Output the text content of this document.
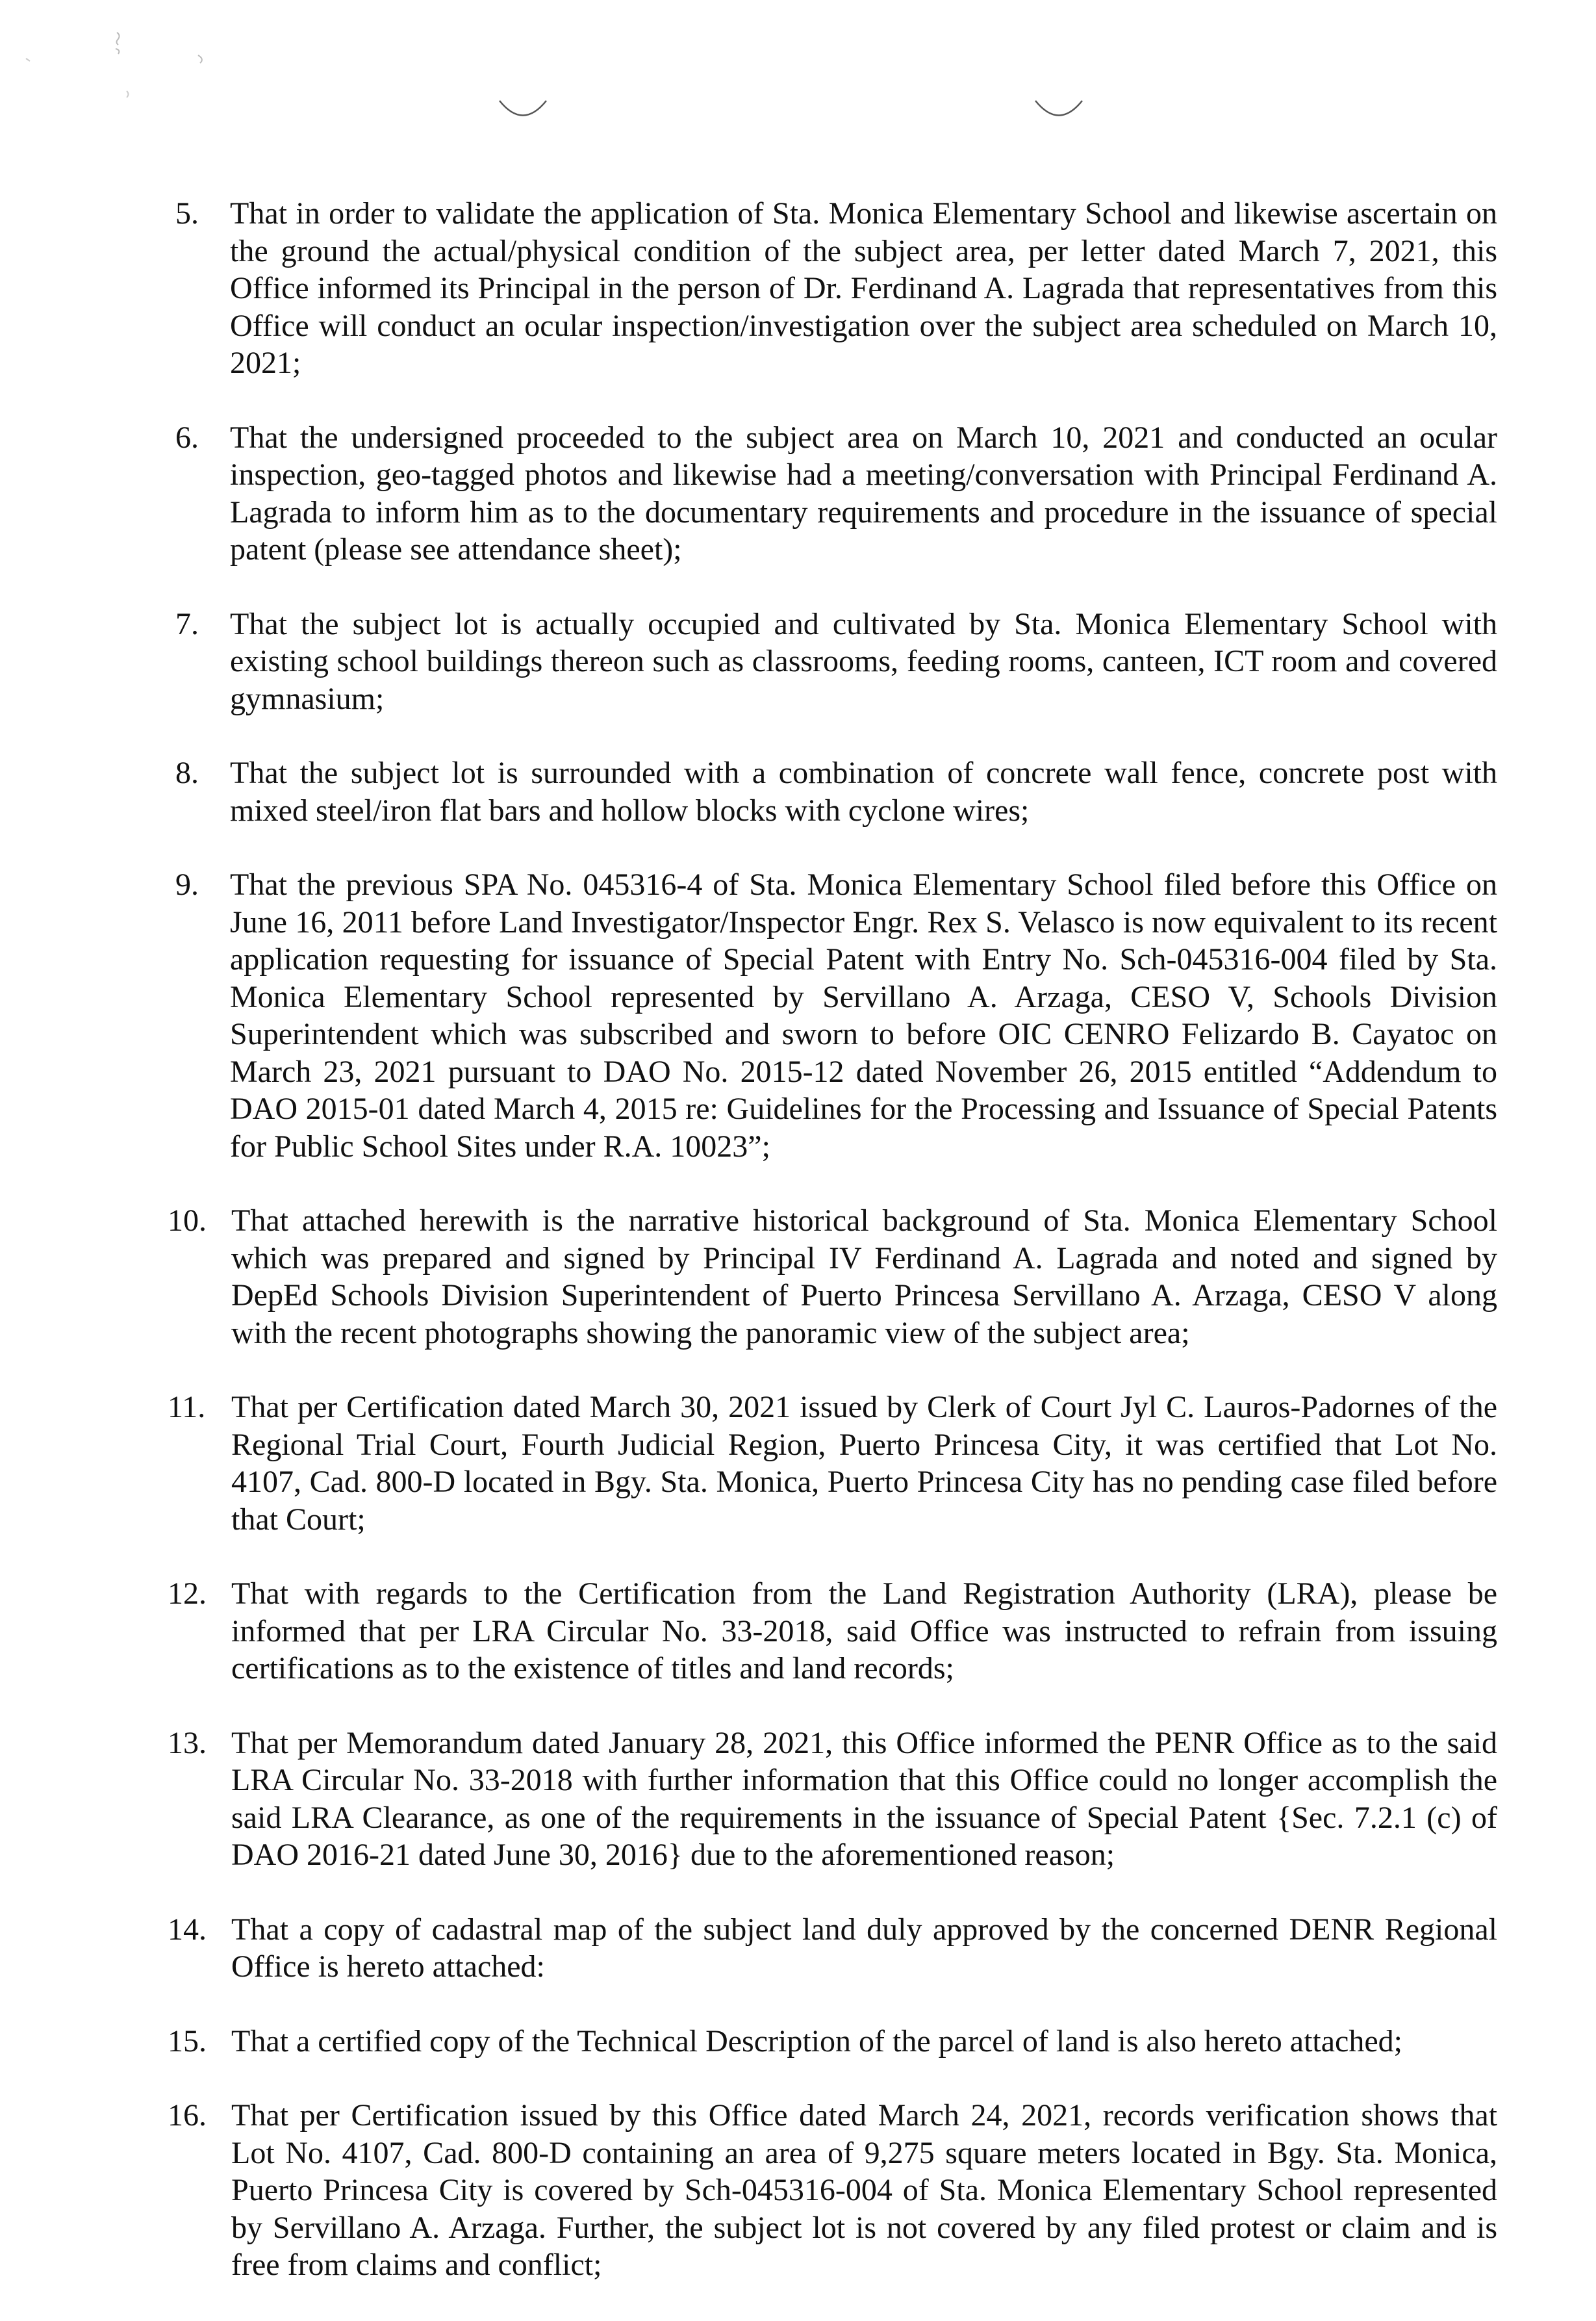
5.	That in order to validate the application of Sta. Monica Elementary School and likewise ascertain on the ground the actual/physical condition of the subject area, per letter dated March 7, 2021, this Office informed its Principal in the person of Dr. Ferdinand A. Lagrada that representatives from this Office will conduct an ocular inspection/investigation over the subject area scheduled on March 10, 2021;
6.	That the undersigned proceeded to the subject area on March 10, 2021 and conducted an ocular inspection, geo-tagged photos and likewise had a meeting/conversation with Principal Ferdinand A. Lagrada to inform him as to the documentary requirements and procedure in the issuance of special patent (please see attendance sheet);
7.	That the subject lot is actually occupied and cultivated by Sta. Monica Elementary School with existing school buildings thereon such as classrooms, feeding rooms, canteen, ICT room and covered gymnasium;
8.	That the subject lot is surrounded with a combination of concrete wall fence, concrete post with mixed steel/iron flat bars and hollow blocks with cyclone wires;
9.	That the previous SPA No. 045316-4 of Sta. Monica Elementary School filed before this Office on June 16, 2011 before Land Investigator/Inspector Engr. Rex S. Velasco is now equivalent to its recent application requesting for issuance of Special Patent with Entry No. Sch-045316-004 filed by Sta. Monica Elementary School represented by Servillano A. Arzaga, CESO V, Schools Division Superintendent which was subscribed and sworn to before OIC CENRO Felizardo B. Cayatoc on March 23, 2021 pursuant to DAO No. 2015-12 dated November 26, 2015 entitled “Addendum to DAO 2015-01 dated March 4, 2015 re: Guidelines for the Processing and Issuance of Special Patents for Public School Sites under R.A. 10023”;
10. That attached herewith is the narrative historical background of Sta. Monica Elementary School which was prepared and signed by Principal IV Ferdinand A. Lagrada and noted and signed by DepEd Schools Division Superintendent of Puerto Princesa Servillano A. Arzaga, CESO V along with the recent photographs showing the panoramic view of the subject area;
11. That per Certification dated March 30, 2021 issued by Clerk of Court Jyl C. Lauros-Padornes of the Regional Trial Court, Fourth Judicial Region, Puerto Princesa City, it was certified that Lot No. 4107, Cad. 800-D located in Bgy. Sta. Monica, Puerto Princesa City has no pending case filed before that Court;
12. That with regards to the Certification from the Land Registration Authority (LRA), please be informed that per LRA Circular No. 33-2018, said Office was instructed to refrain from issuing certifications as to the existence of titles and land records;
13. That per Memorandum dated January 28, 2021, this Office informed the PENR Office as to the said LRA Circular No. 33-2018 with further information that this Office could no longer accomplish the said LRA Clearance, as one of the requirements in the issuance of Special Patent {Sec. 7.2.1 (c) of DAO 2016-21 dated June 30, 2016} due to the aforementioned reason;
14. That a copy of cadastral map of the subject land duly approved by the concerned DENR Regional Office is hereto attached:
15. That a certified copy of the Technical Description of the parcel of land is also hereto attached;
16. That per Certification issued by this Office dated March 24, 2021, records verification shows that Lot No. 4107, Cad. 800-D containing an area of 9,275 square meters located in Bgy. Sta. Monica, Puerto Princesa City is covered by Sch-045316-004 of Sta. Monica Elementary School represented by Servillano A. Arzaga. Further, the subject lot is not covered by any filed protest or claim and is free from claims and conflict;
